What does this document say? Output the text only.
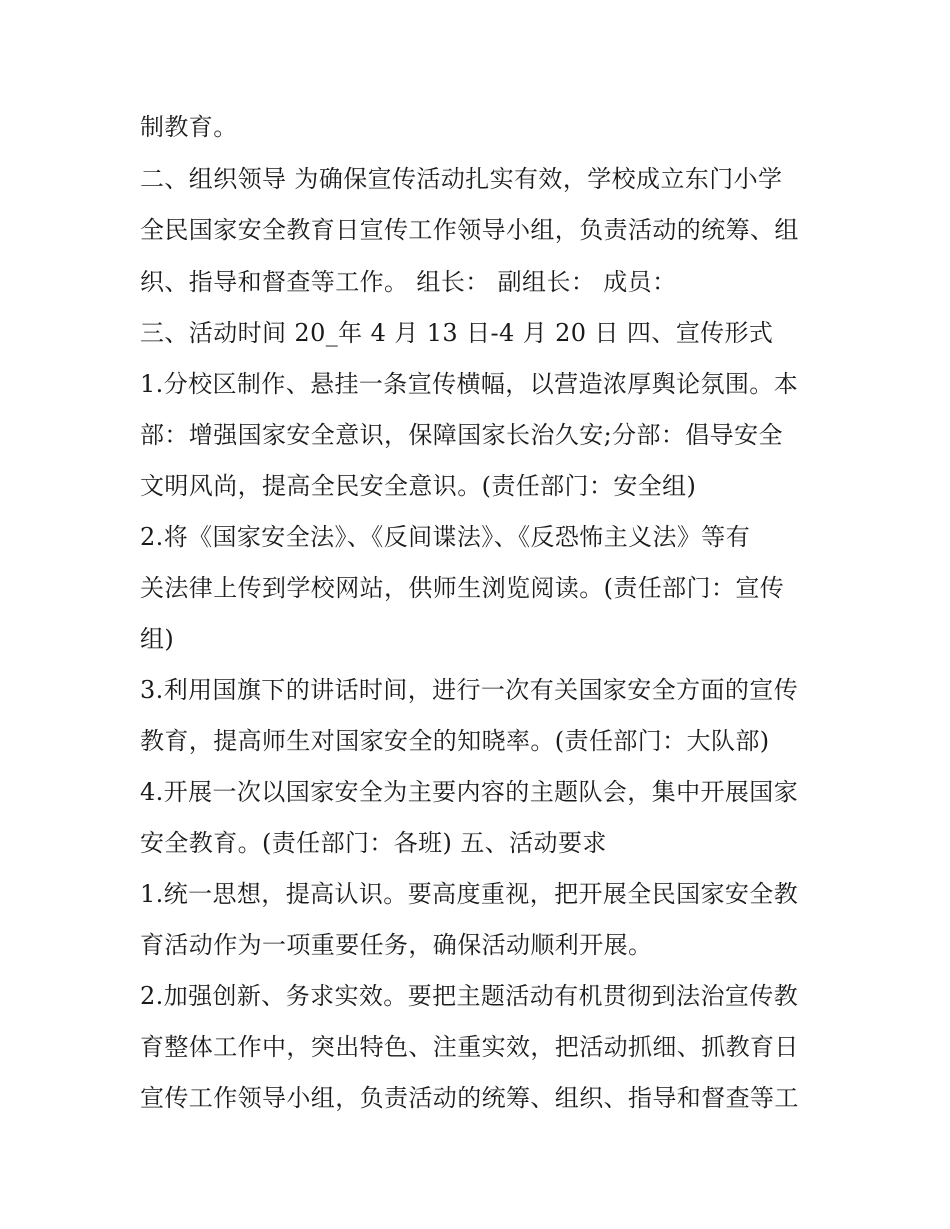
制教育。
二、组织领导 为确保宣传活动扎实有效，学校成立东门小学
全民国家安全教育日宣传工作领导小组，负责活动的统筹、组
织、指导和督查等工作。 组长： 副组长： 成员：
三、活动时间 20_年 4 月 13 日-4 月 20 日 四、宣传形式
1.分校区制作、悬挂一条宣传横幅，以营造浓厚舆论氛围。本
部：增强国家安全意识，保障国家长治久安;分部：倡导安全
文明风尚，提高全民安全意识。(责任部门：安全组)
2.将《国家安全法》、《反间谍法》、《反恐怖主义法》等有
关法律上传到学校网站，供师生浏览阅读。(责任部门：宣传
组)
3.利用国旗下的讲话时间，进行一次有关国家安全方面的宣传
教育，提高师生对国家安全的知晓率。(责任部门：大队部)
4.开展一次以国家安全为主要内容的主题队会，集中开展国家
安全教育。(责任部门：各班) 五、活动要求
1.统一思想，提高认识。要高度重视，把开展全民国家安全教
育活动作为一项重要任务，确保活动顺利开展。
2.加强创新、务求实效。要把主题活动有机贯彻到法治宣传教
育整体工作中，突出特色、注重实效，把活动抓细、抓教育日
宣传工作领导小组，负责活动的统筹、组织、指导和督查等工
